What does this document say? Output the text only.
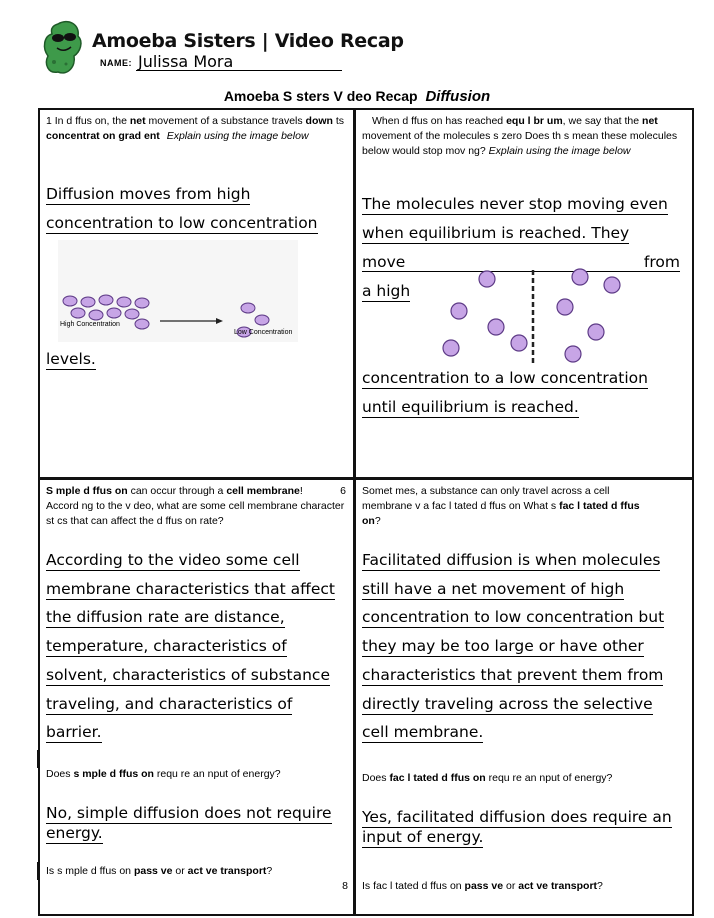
Amoeba Sisters | Video Recap
NAME: Julissa Mora
Amoeba S sters V deo Recap Diffusion
1 In d ffus on, the net movement of a substance travels down ts concentrat on grad ent Explain using the image below
Diffusion moves from high
concentration to low concentration
High Concentration
Low Concentration
levels.
When d ffus on has reached equ l br um, we say that the net movement of the molecules s zero Does th s mean these molecules below would stop mov ng? Explain using the image below
The molecules never stop moving even
when equilibrium is reached. They
move	from
a high
concentration to a low concentration
until equilibrium is reached.
S mple d ffus on can occur through a cell membrane!	6

Accord ng to the v deo, what are some cell membrane character st cs that can affect the d ffus on rate?
According to the video some cell
membrane characteristics that affect
the diffusion rate are distance,
temperature, characteristics of
solvent, characteristics of substance
traveling, and characteristics of
barrier.
Somet mes, a substance can only travel across a cell membrane v a fac l tated d ffus on What s fac l tated d ffus on?
Facilitated diffusion is when molecules
still have a net movement of high
concentration to low concentration but
they may be too large or have other
characteristics that prevent them from
directly traveling across the selective
cell membrane.
Does s mple d ffus on requ re an nput of energy?
No, simple diffusion does not require
energy.
Does fac l tated d ffus on requ re an nput of energy?
Yes, facilitated diffusion does require an
input of energy.
Is s mple d ffus on pass ve or act ve transport?

8 Is fac l tated d ffus on pass ve or act ve transport?
